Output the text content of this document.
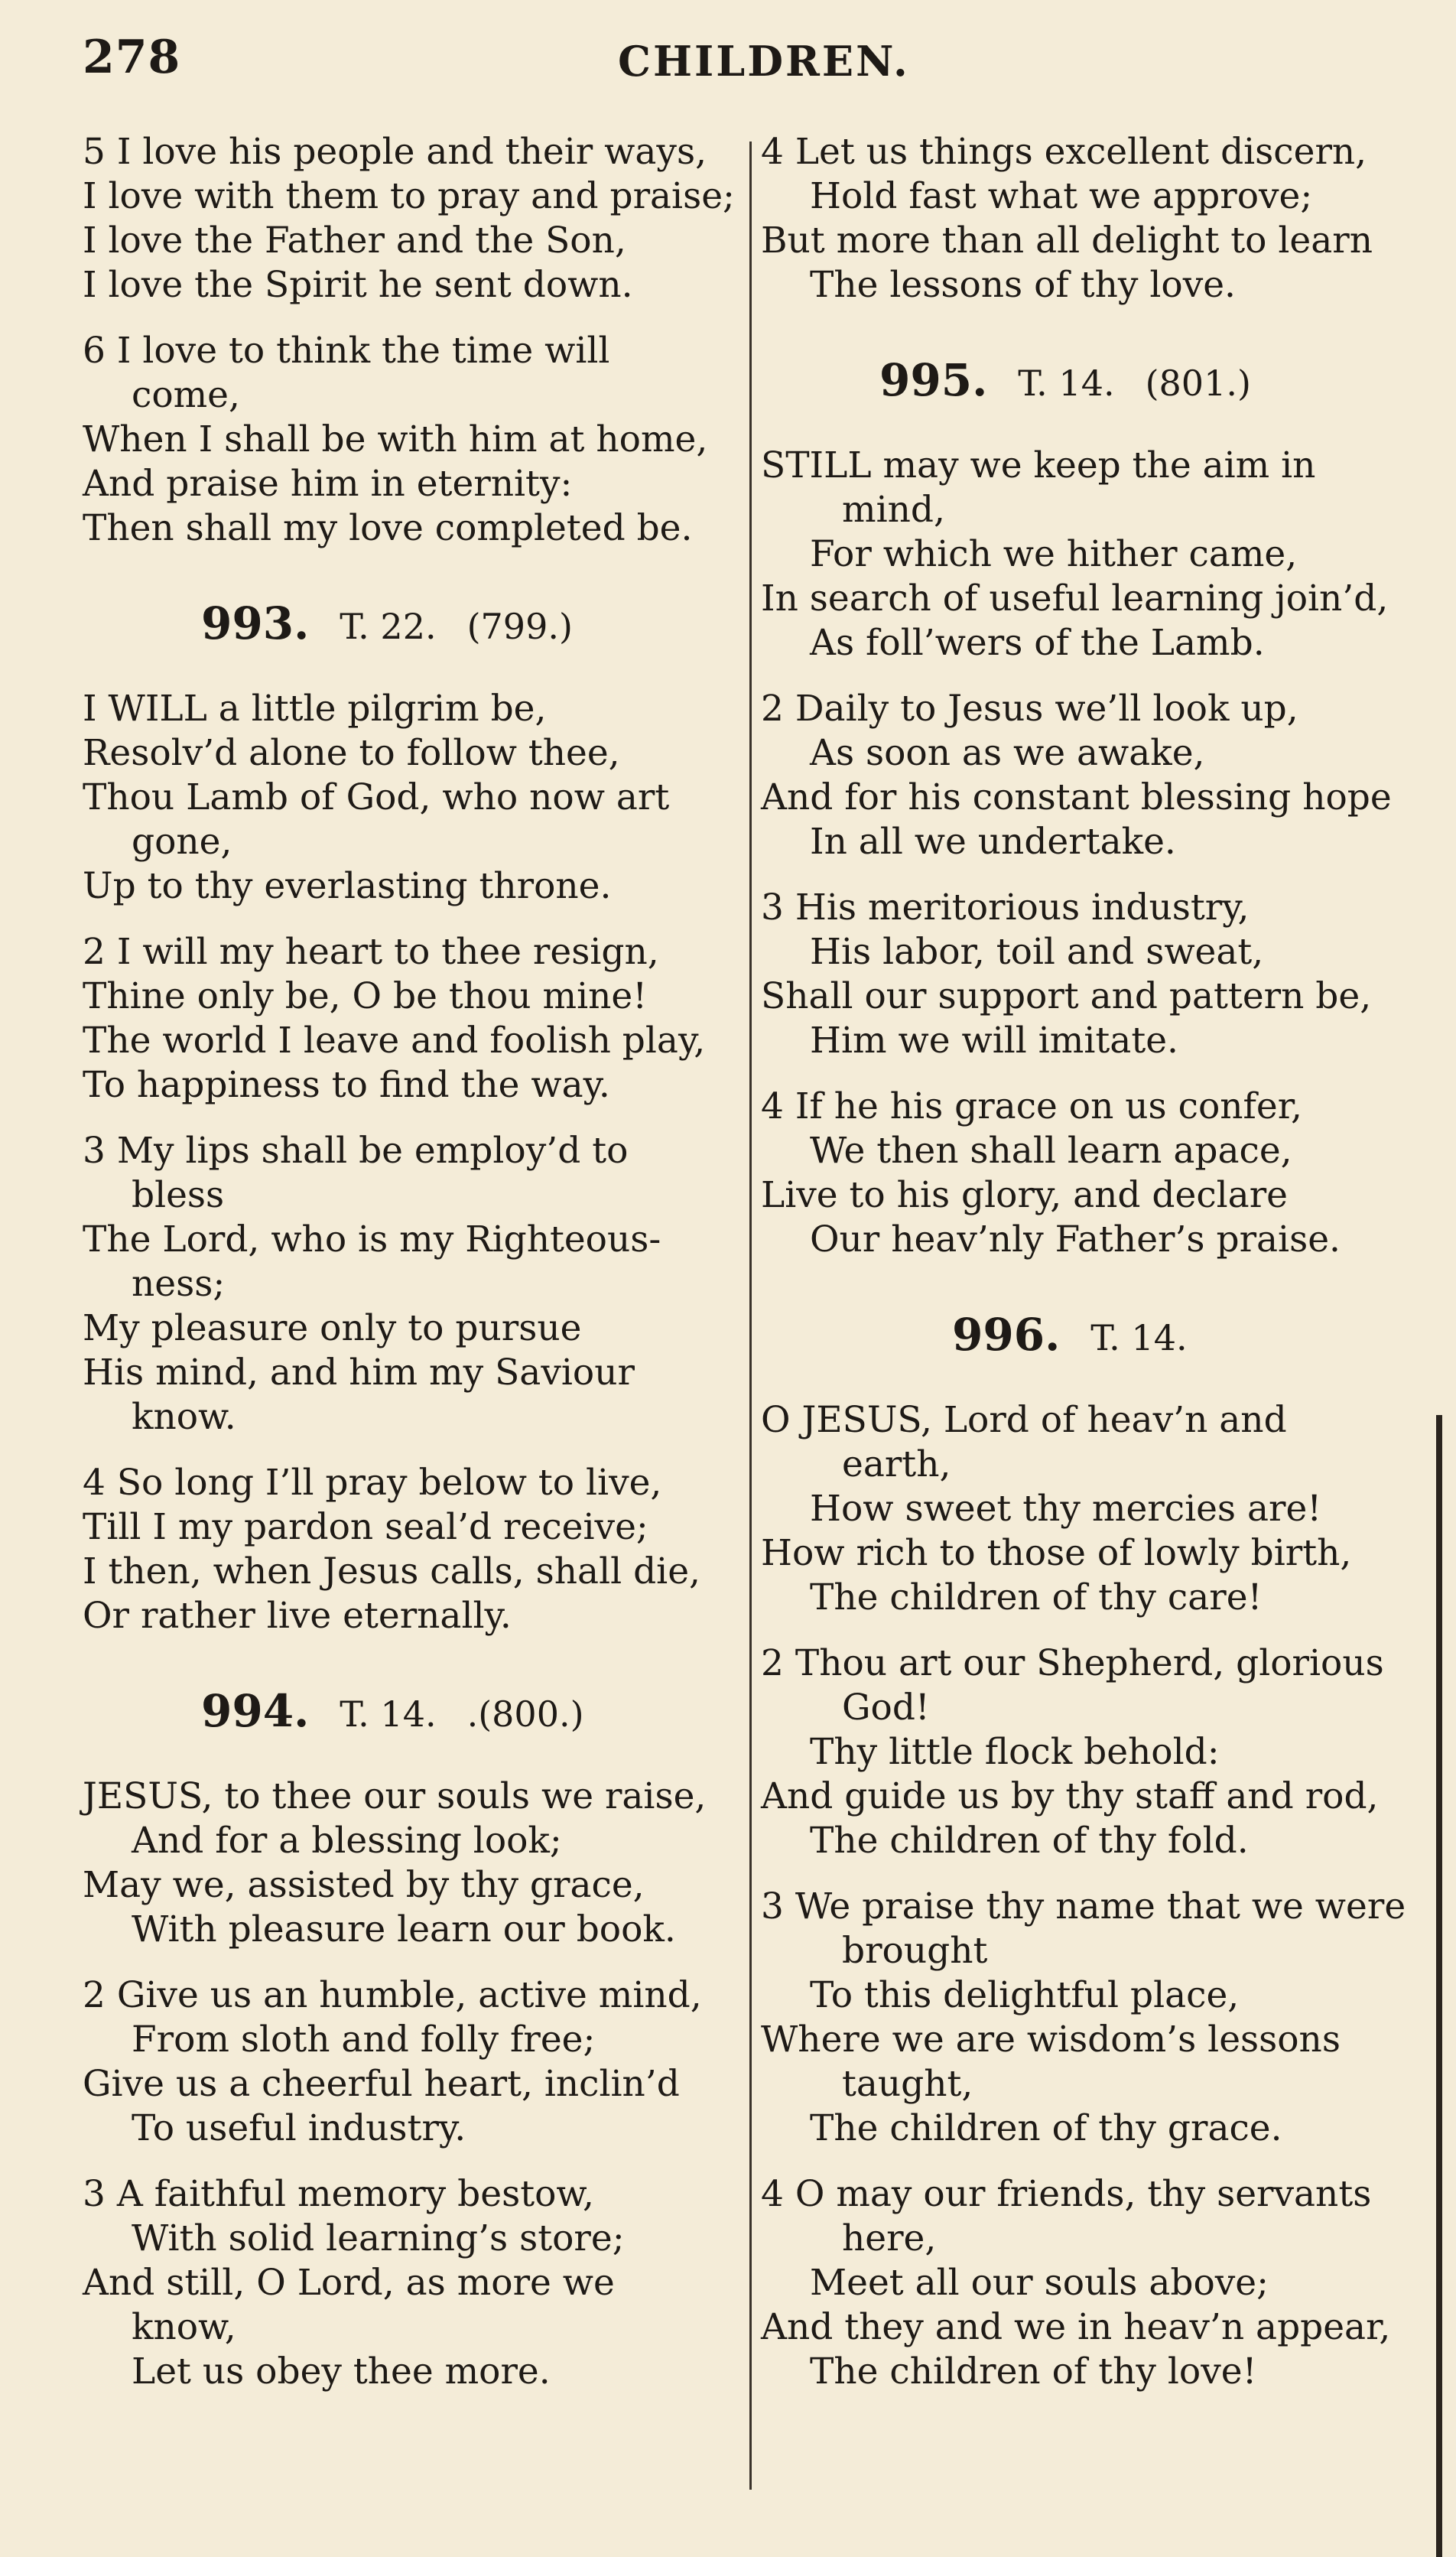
278	CHILDREN.
5 I love his people and their ways,
I love with them to pray and praise;
I love the Father and the Son,
I love the Spirit he sent down.
6 I love to think the time will
come,
When I shall be with him at home,
And praise him in eternity:
Then shall my love completed be.
993. T. 22. (799.)
I WILL a little pilgrim be,
Resolv’d alone to follow thee,
Thou Lamb of God, who now art
gone,
Up to thy everlasting throne.
2 I will my heart to thee resign,
Thine only be, O be thou mine!
The world I leave and foolish play,
To happiness to find the way.
3 My lips shall be employ’d to
bless
The Lord, who is my Righteous-
ness;
My pleasure only to pursue
His mind, and him my Saviour
know.
4 So long I’ll pray below to live,
Till I my pardon seal’d receive;
I then, when Jesus calls, shall die,
Or rather live eternally.
994. T. 14. .(800.)
JESUS, to thee our souls we raise,
And for a blessing look;
May we, assisted by thy grace,
With pleasure learn our book.
2 Give us an humble, active mind,
From sloth and folly free;
Give us a cheerful heart, inclin’d
To useful industry.
3 A faithful memory bestow,
With solid learning’s store;
And still, O Lord, as more we
know,
Let us obey thee more.
4 Let us things excellent discern,
Hold fast what we approve;
But more than all delight to learn
The lessons of thy love.
995. T. 14. (801.)
STILL may we keep the aim in
mind,
For which we hither came,
In search of useful learning join’d,
As foll’wers of the Lamb.
2 Daily to Jesus we’ll look up,
As soon as we awake,
And for his constant blessing hope
In all we undertake.
3 His meritorious industry,
His labor, toil and sweat,
Shall our support and pattern be,
Him we will imitate.
4 If he his grace on us confer,
We then shall learn apace,
Live to his glory, and declare
Our heav’nly Father’s praise.
996. T. 14.
O JESUS, Lord of heav’n and
earth,
How sweet thy mercies are!
How rich to those of lowly birth,
The children of thy care!
2 Thou art our Shepherd, glorious
God!
Thy little flock behold:
And guide us by thy staff and rod,
The children of thy fold.
3 We praise thy name that we were
brought
To this delightful place,
Where we are wisdom’s lessons
taught,
The children of thy grace.
4 O may our friends, thy servants
here,
Meet all our souls above;
And they and we in heav’n appear,
The children of thy love!
